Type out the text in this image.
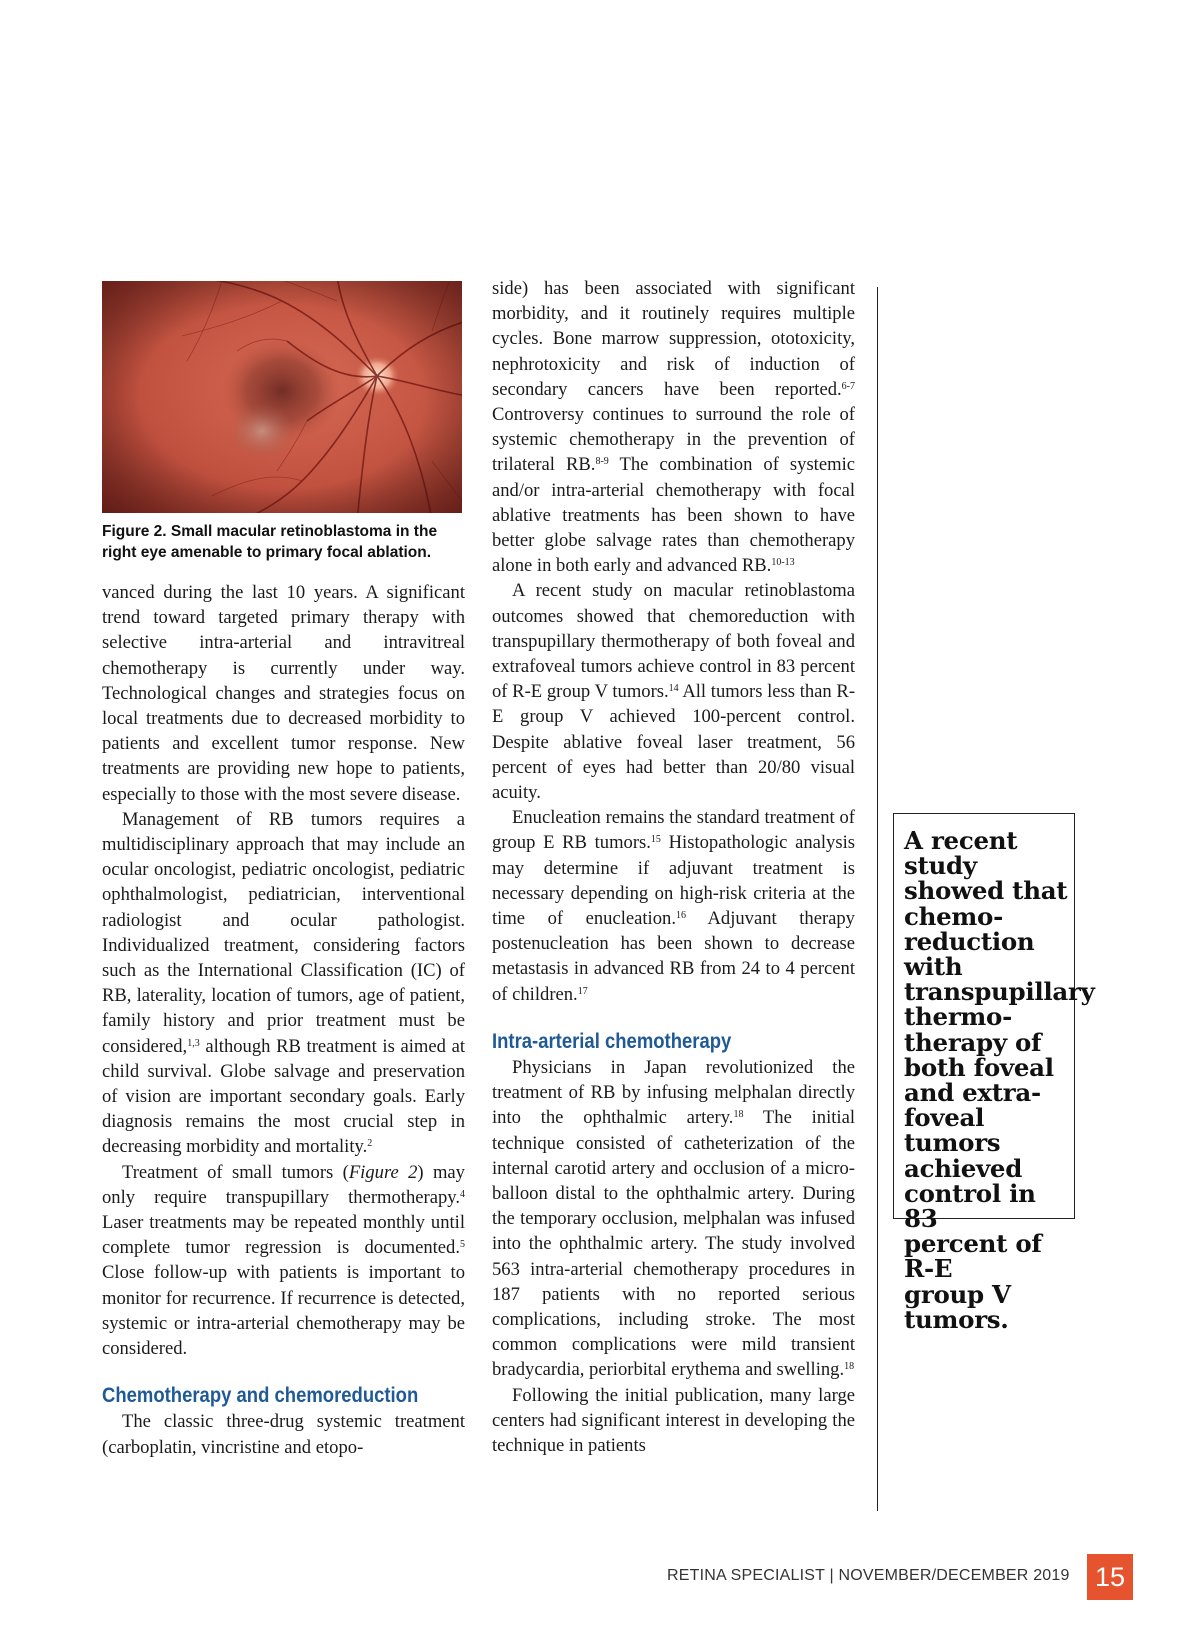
Figure 2. Small macular retinoblastoma in the right eye amenable to primary focal ablation.

vanced during the last 10 years. A significant trend toward targeted primary therapy with selective intra-arterial and intravitreal chemotherapy is currently under way. Technological changes and strategies focus on local treatments due to decreased morbidity to patients and excellent tumor response. New treatments are providing new hope to patients, especially to those with the most severe disease.

Management of RB tumors requires a multidisciplinary approach that may include an ocular oncologist, pediatric oncologist, pediatric ophthalmologist, pediatrician, interventional radiologist and ocular pathologist. Individualized treatment, considering factors such as the International Classification (IC) of RB, laterality, location of tumors, age of patient, family history and prior treatment must be considered,$^{1,3}$ although RB treatment is aimed at child survival. Globe salvage and preservation of vision are important secondary goals. Early diagnosis remains the most crucial step in decreasing morbidity and mortality.$^2$

Treatment of small tumors (Figure 2) may only require transpupillary thermotherapy.$^4$ Laser treatments may be repeated monthly until complete tumor regression is documented.$^5$ Close follow-up with patients is important to monitor for recurrence. If recurrence is detected, systemic or intra-arterial chemotherapy may be considered.

Chemotherapy and chemoreduction

The classic three-drug systemic treatment (carboplatin, vincristine and etopo-

side) has been associated with significant morbidity, and it routinely requires multiple cycles. Bone marrow suppression, ototoxicity, nephrotoxicity and risk of induction of secondary cancers have been reported.$^{6-7}$ Controversy continues to surround the role of systemic chemotherapy in the prevention of trilateral RB.$^{8-9}$ The combination of systemic and/or intra-arterial chemotherapy with focal ablative treatments has been shown to have better globe salvage rates than chemotherapy alone in both early and advanced RB.$^{10-13}$

A recent study on macular retinoblastoma outcomes showed that chemoreduction with transpupillary thermotherapy of both foveal and extrafoveal tumors achieve control in 83 percent of R-E group V tumors.$^{14}$ All tumors less than R-E group V achieved 100-percent control. Despite ablative foveal laser treatment, 56 percent of eyes had better than 20/80 visual acuity.

Enucleation remains the standard treatment of group E RB tumors.$^{15}$ Histopathologic analysis may determine if adjuvant treatment is necessary depending on high-risk criteria at the time of enucleation.$^{16}$ Adjuvant therapy postenucleation has been shown to decrease metastasis in advanced RB from 24 to 4 percent of children.$^{17}$

Intra-arterial chemotherapy

Physicians in Japan revolutionized the treatment of RB by infusing melphalan directly into the ophthalmic artery.$^{18}$ The initial technique consisted of catheterization of the internal carotid artery and occlusion of a micro-balloon distal to the ophthalmic artery. During the temporary occlusion, melphalan was infused into the ophthalmic artery. The study involved 563 intra-arterial chemotherapy procedures in 187 patients with no reported serious complications, including stroke. The most common complications were mild transient bradycardia, periorbital erythema and swelling.$^{18}$

Following the initial publication, many large centers had significant interest in developing the technique in patients

A recent study
showed that
chemo-
reduction with
transpupillary
thermo-
therapy of
both foveal
and extra-
foveal tumors
achieved
control in 83
percent of R-E
group V
tumors.
RETINA SPECIALIST | NOVEMBER/DECEMBER 2019 15
